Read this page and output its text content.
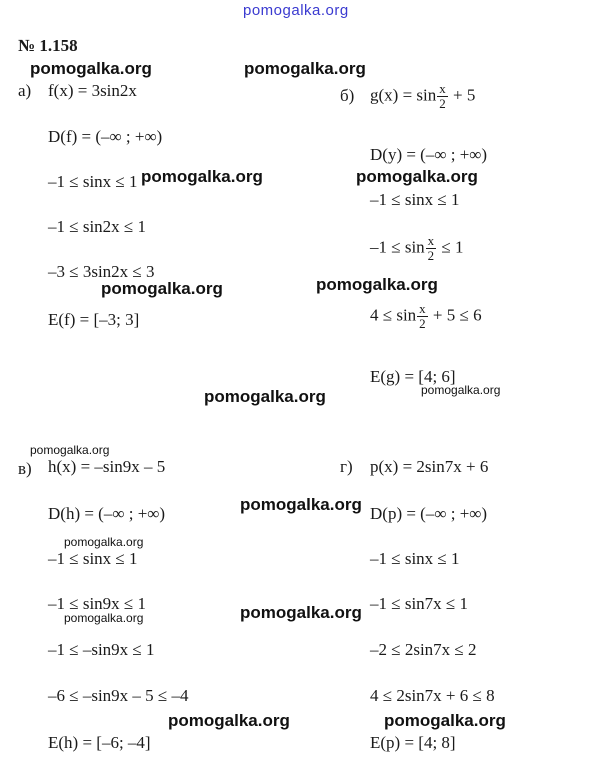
pomogalka.org
№ 1.158
pomogalka.org	pomogalka.org
pomogalka.org	pomogalka.org
pomogalka.org	pomogalka.org
pomogalka.org
pomogalka.org
pomogalka.org
pomogalka.org	pomogalka.org
pomogalka.org
pomogalka.org
pomogalka.org
pomogalka.org
а) f(x) = 3sin2x
D(f) = (–∞ ; +∞)
–1 ≤ sinx ≤ 1
–1 ≤ sin2x ≤ 1
–3 ≤ 3sin2x ≤ 3
E(f) = [–3; 3]
б) $g(x) = \sin \frac{x}{2} + 5$
D(y) = (–∞ ; +∞)
–1 ≤ sinx ≤ 1
$-1 \le \sin \frac{x}{2} \le 1$
$4 \le \sin \frac{x}{2} + 5 \le 6$
E(g) = [4; 6]
в) h(x) = –sin9x – 5
D(h) = (–∞ ; +∞)
–1 ≤ sinx ≤ 1
–1 ≤ sin9x ≤ 1
–1 ≤ –sin9x ≤ 1
–6 ≤ –sin9x – 5 ≤ –4
E(h) = [–6; –4]
г) p(x) = 2sin7x + 6
D(p) = (–∞ ; +∞)
–1 ≤ sinx ≤ 1
–1 ≤ sin7x ≤ 1
–2 ≤ 2sin7x ≤ 2
4 ≤ 2sin7x + 6 ≤ 8
E(p) = [4; 8]
